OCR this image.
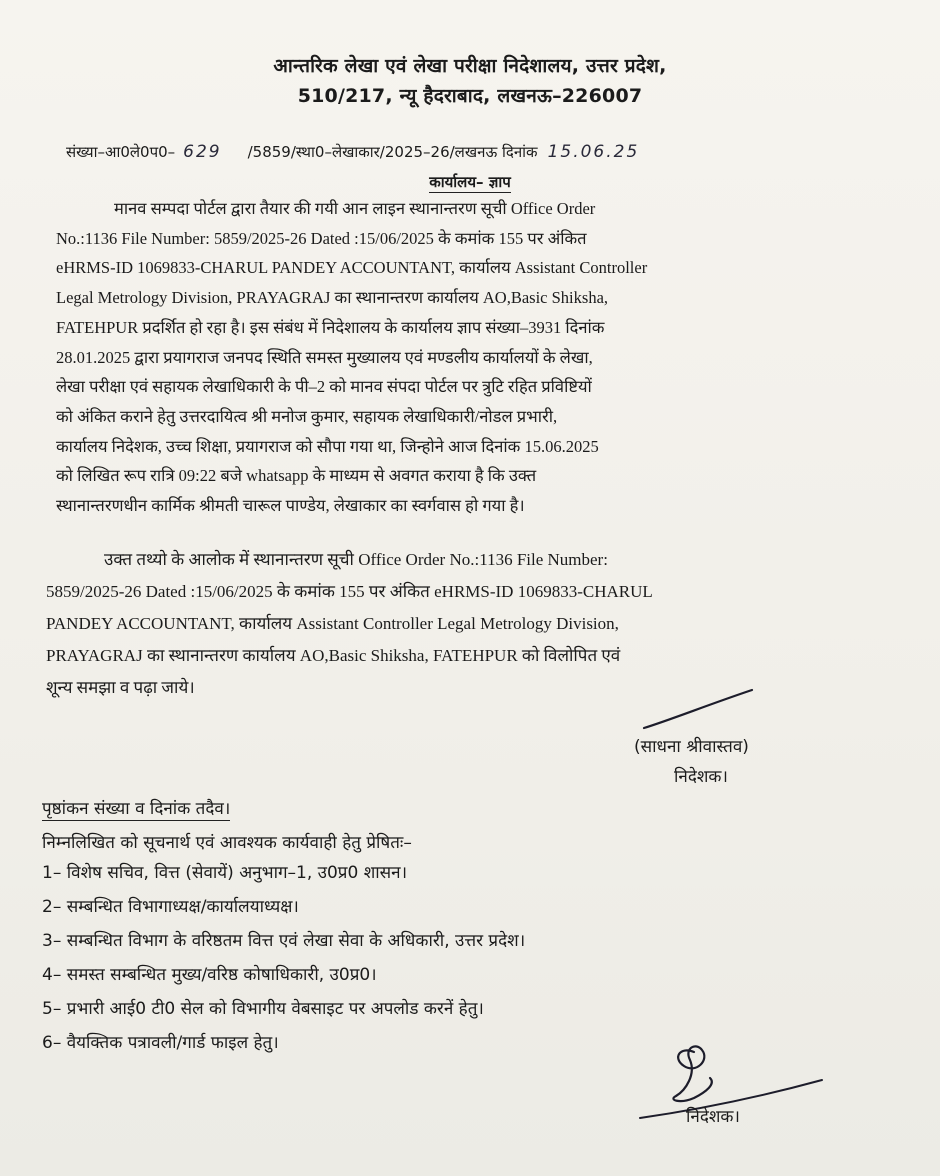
आन्तरिक लेखा एवं लेखा परीक्षा निदेशालय, उत्तर प्रदेश,
510/217, न्यू हैदराबाद, लखनऊ–226007
संख्या–आ0ले0प0– 629 /5859/स्था0–लेखाकार/2025–26/लखनऊ दिनांक 15.06.25
कार्यालय– ज्ञाप

मानव सम्पदा पोर्टल द्वारा तैयार की गयी आन लाइन स्थानान्तरण सूची Office Order

No.:1136 File Number: 5859/2025-26 Dated :15/06/2025 के कमांक 155 पर अंकित

eHRMS-ID 1069833-CHARUL PANDEY ACCOUNTANT, कार्यालय Assistant Controller

Legal Metrology Division, PRAYAGRAJ का स्थानान्तरण कार्यालय AO,Basic Shiksha,

FATEHPUR प्रदर्शित हो रहा है। इस संबंध में निदेशालय के कार्यालय ज्ञाप संख्या–3931 दिनांक

28.01.2025 द्वारा प्रयागराज जनपद स्थिति समस्त मुख्यालय एवं मण्डलीय कार्यालयों के लेखा,

लेखा परीक्षा एवं सहायक लेखाधिकारी के पी–2 को मानव संपदा पोर्टल पर त्रुटि रहित प्रविष्टियों

को अंकित कराने हेतु उत्तरदायित्व श्री मनोज कुमार, सहायक लेखाधिकारी/नोडल प्रभारी,

कार्यालय निदेशक, उच्च शिक्षा, प्रयागराज को सौपा गया था, जिन्होने आज दिनांक 15.06.2025

को लिखित रूप रात्रि 09:22 बजे whatsapp के माध्यम से अवगत कराया है कि उक्त

स्थानान्तरणधीन कार्मिक श्रीमती चारूल पाण्डेय, लेखाकार का स्वर्गवास हो गया है।

उक्त तथ्यो के आलोक में स्थानान्तरण सूची Office Order No.:1136 File Number:

5859/2025-26 Dated :15/06/2025 के कमांक 155 पर अंकित eHRMS-ID 1069833-CHARUL

PANDEY ACCOUNTANT, कार्यालय Assistant Controller Legal Metrology Division,

PRAYAGRAJ का स्थानान्तरण कार्यालय AO,Basic Shiksha, FATEHPUR को विलोपित एवं

शून्य समझा व पढ़ा जाये।

(साधना श्रीवास्तव)
निदेशक।
पृष्ठांकन संख्या व दिनांक तदैव।
निम्नलिखित को सूचनार्थ एवं आवश्यक कार्यवाही हेतु प्रेषितः–
1– विशेष सचिव, वित्त (सेवायें) अनुभाग–1, उ0प्र0 शासन।
2– सम्बन्धित विभागाध्यक्ष/कार्यालयाध्यक्ष।
3– सम्बन्धित विभाग के वरिष्ठतम वित्त एवं लेखा सेवा के अधिकारी, उत्तर प्रदेश।
4– समस्त सम्बन्धित मुख्य/वरिष्ठ कोषाधिकारी, उ0प्र0।
5– प्रभारी आई0 टी0 सेल को विभागीय वेबसाइट पर अपलोड करनें हेतु।
6– वैयक्तिक पत्रावली/गार्ड फाइल हेतु।
निदेशक।
